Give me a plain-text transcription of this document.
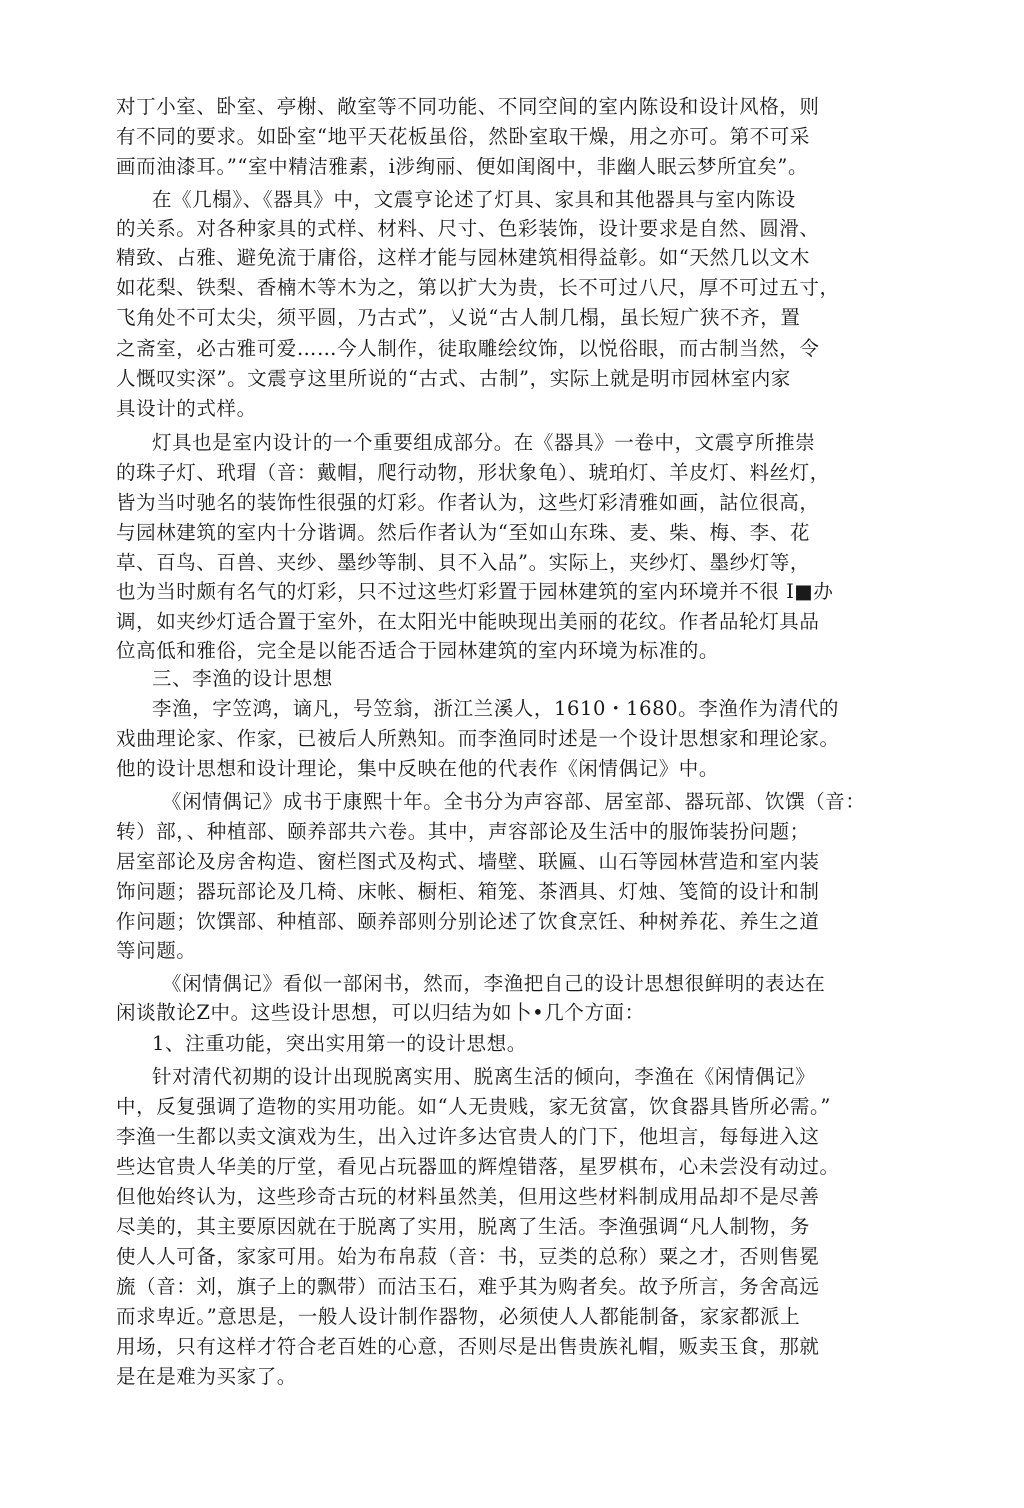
对丁小室、卧室、亭榭、敞室等不同功能、不同空间的室内陈设和设计风格，则
有不同的要求。如卧室“地平天花板虽俗，然卧室取干燥，用之亦可。第不可采
画而油漆耳。”“室中精洁雅素，i涉绚丽、便如闺阁中，非幽人眠云梦所宜矣”。
在《几榻》、《器具》中，文震亨论述了灯具、家具和其他器具与室内陈设
的关系。对各种家具的式样、材料、尺寸、色彩装饰，设计要求是自然、圆滑、
精致、占雅、避免流于庸俗，这样才能与园林建筑相得益彰。如“天然几以文木
如花梨、铁梨、香楠木等木为之，第以扩大为贵，长不可过八尺，厚不可过五寸，
飞角处不可太尖，须平圆，乃古式”，乂说“古人制几榻，虽长短广狭不齐，置
之斋室，必古雅可爱……今人制作，徒取雕绘纹饰，以悦俗眼，而古制当然，令
人慨叹实深”。文震亨这里所说的“古式、古制”，实际上就是明市园林室内家
具设计的式样。
灯具也是室内设计的一个重要组成部分。在《器具》一卷中，文震亨所推崇
的珠子灯、玳瑁（音：戴帽，爬行动物，形状象龟）、琥珀灯、羊皮灯、料丝灯，
皆为当吋驰名的装饰性很强的灯彩。作者认为，这些灯彩清雅如画，詁位很高，
与园林建筑的室内十分谐调。然后作者认为“至如山东珠、麦、柴、梅、李、花
草、百鸟、百兽、夹纱、墨纱等制、貝不入品”。实际上，夹纱灯、墨纱灯等，
也为当时颇有名气的灯彩，只不过这些灯彩置于园林建筑的室内环境并不很 I■办
调，如夹纱灯适合置于室外，在太阳光中能映现出美丽的花纹。作者品轮灯具品
位高低和雅俗，完全是以能否适合于园林建筑的室内环境为标准的。
三、李渔的设计思想
李渔，字笠鸿，谪凡，号笠翁，浙江兰溪人，1610・1680。李渔作为清代的
戏曲理论家、作家，已被后人所熟知。而李渔同时述是一个设计思想家和理论家。
他的设计思想和设计理论，集中反映在他的代表作《闲情偶记》中。
《闲情偶记》成书于康熙十年。全书分为声容部、居室部、器玩部、饮馔（音：
转）部，、种植部、颐养部共六卷。其中，声容部论及生活中的服饰装扮问题；
居室部论及房舍构造、窗栏图式及构式、墙壁、联匾、山石等园林营造和室内装
饰问题；器玩部论及几椅、床帐、橱柜、箱笼、茶酒具、灯烛、笺简的设计和制
作问题；饮馔部、种植部、颐养部则分别论述了饮食烹饪、种树养花、养生之道
等问题。
《闲情偶记》看似一部闲书，然而，李渔把自己的设计思想很鲜明的表达在
闲谈散论Z中。这些设计思想，可以归结为如卜•几个方面：
1、注重功能，突出实用第一的设计思想。
针对清代初期的设计出现脱离实用、脱离生活的倾向，李渔在《闲情偶记》
中，反复强调了造物的实用功能。如“人无贵贱，家无贫富，饮食器具皆所必需。”
李渔一生都以卖文演戏为生，出入过许多达官贵人的门下，他坦言，每每进入这
些达官贵人华美的厅堂，看见占玩器皿的辉煌错落，星罗棋布，心未尝没有动过。
但他始终认为，这些珍奇古玩的材料虽然美，但用这些材料制成用品却不是尽善
尽美的，其主要原因就在于脱离了实用，脱离了生活。李渔强调“凡人制物，务
使人人可备，家家可用。始为布帛菽（音：书，豆类的总称）粟之才，否则售冕
旒（音：刘，旗子上的飘带）而沽玉石，难乎其为购者矣。故予所言，务舍高远
而求卑近。”意思是，一般人设计制作器物，必须使人人都能制备，家家都派上
用场，只有这样才符合老百姓的心意，否则尽是出售贵族礼帽，贩卖玉食，那就
是在是难为买家了。
